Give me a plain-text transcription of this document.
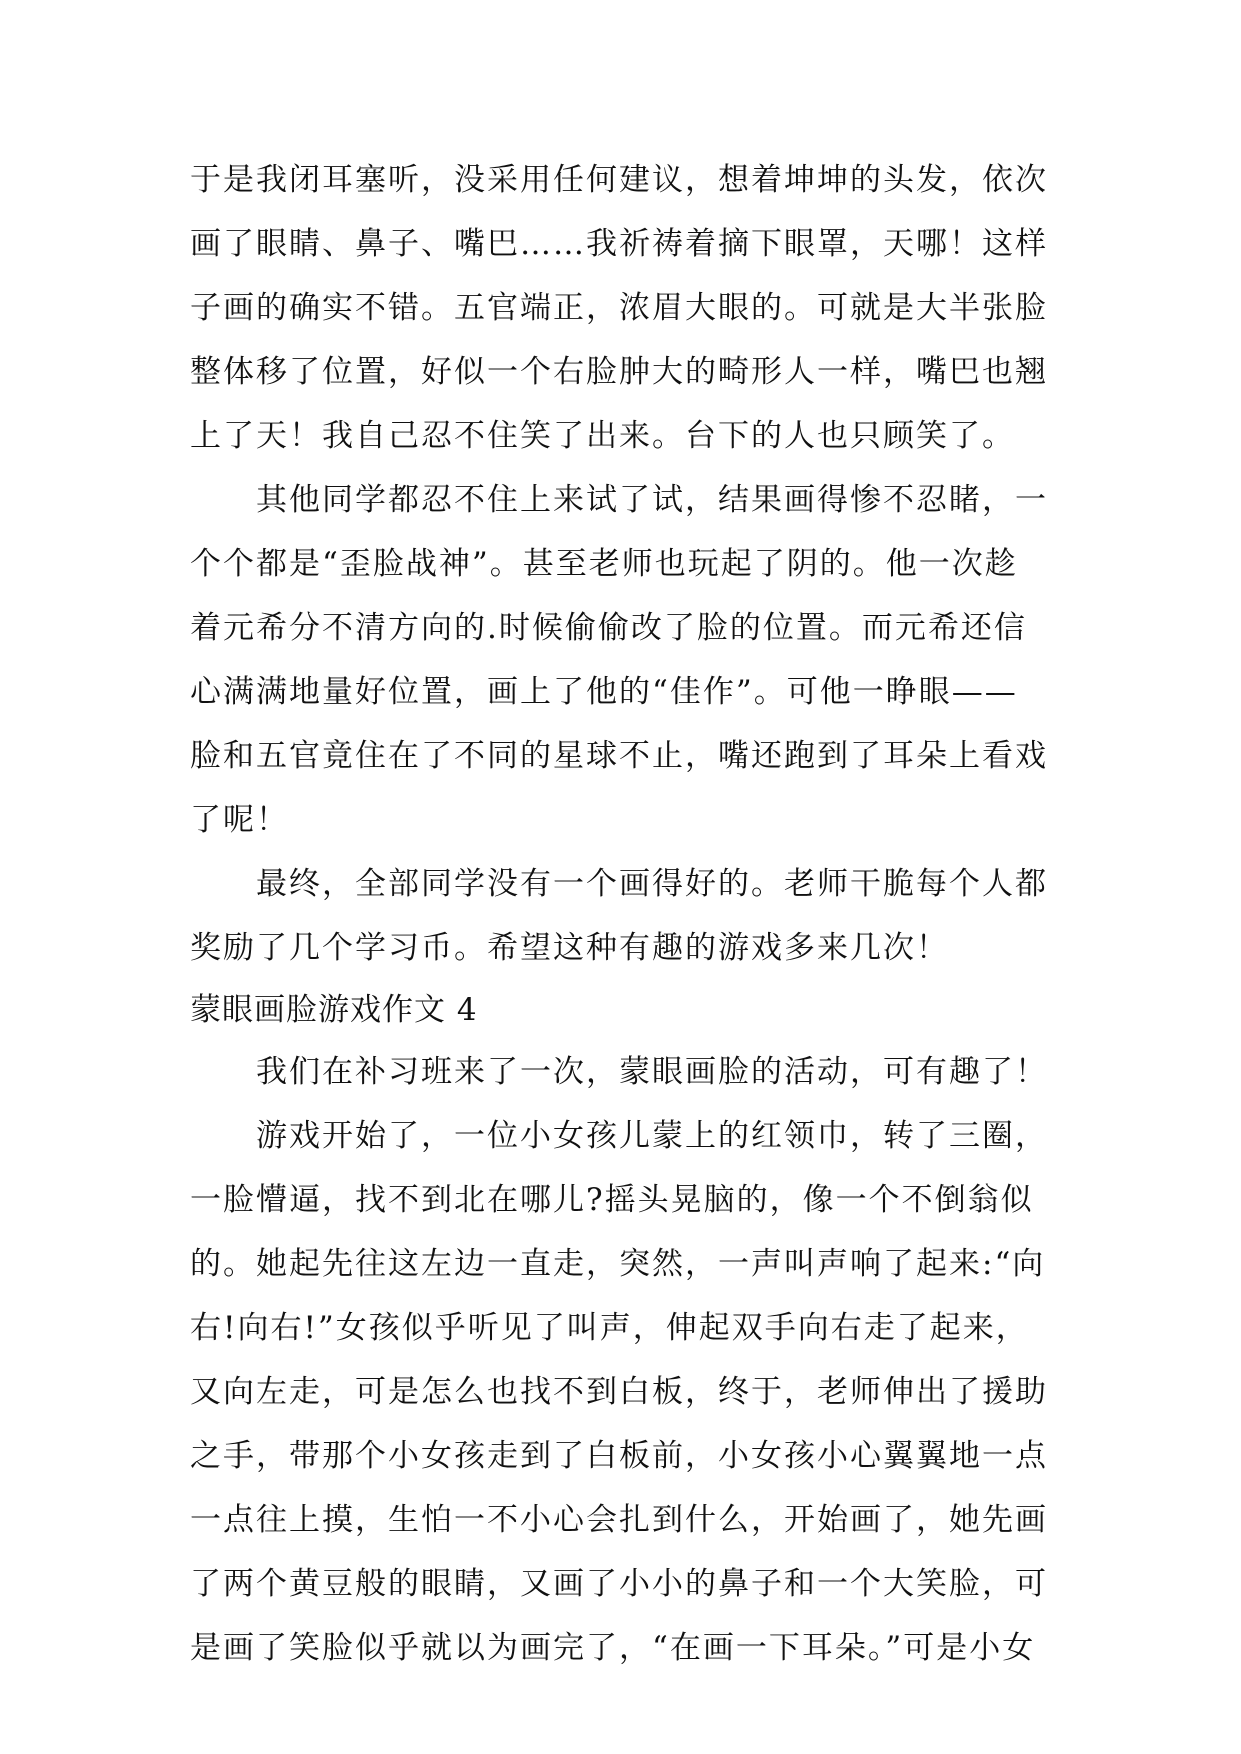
于是我闭耳塞听，没采用任何建议，想着坤坤的头发，依次
画了眼睛、鼻子、嘴巴……我祈祷着摘下眼罩，天哪！这样
子画的确实不错。五官端正，浓眉大眼的。可就是大半张脸
整体移了位置，好似一个右脸肿大的畸形人一样，嘴巴也翘
上了天！我自己忍不住笑了出来。台下的人也只顾笑了。
其他同学都忍不住上来试了试，结果画得惨不忍睹，一
个个都是“歪脸战神”。甚至老师也玩起了阴的。他一次趁
着元希分不清方向的.时候偷偷改了脸的位置。而元希还信
心满满地量好位置，画上了他的“佳作”。可他一睁眼——
脸和五官竟住在了不同的星球不止，嘴还跑到了耳朵上看戏
了呢！
最终，全部同学没有一个画得好的。老师干脆每个人都
奖励了几个学习币。希望这种有趣的游戏多来几次！
蒙眼画脸游戏作文 4
我们在补习班来了一次，蒙眼画脸的活动，可有趣了！
游戏开始了，一位小女孩儿蒙上的红领巾，转了三圈，
一脸懵逼，找不到北在哪儿?摇头晃脑的，像一个不倒翁似
的。她起先往这左边一直走，突然，一声叫声响了起来:“向
右!向右!”女孩似乎听见了叫声，伸起双手向右走了起来，
又向左走，可是怎么也找不到白板，终于，老师伸出了援助
之手，带那个小女孩走到了白板前，小女孩小心翼翼地一点
一点往上摸，生怕一不小心会扎到什么，开始画了，她先画
了两个黄豆般的眼睛，又画了小小的鼻子和一个大笑脸，可
是画了笑脸似乎就以为画完了，“在画一下耳朵。”可是小女
